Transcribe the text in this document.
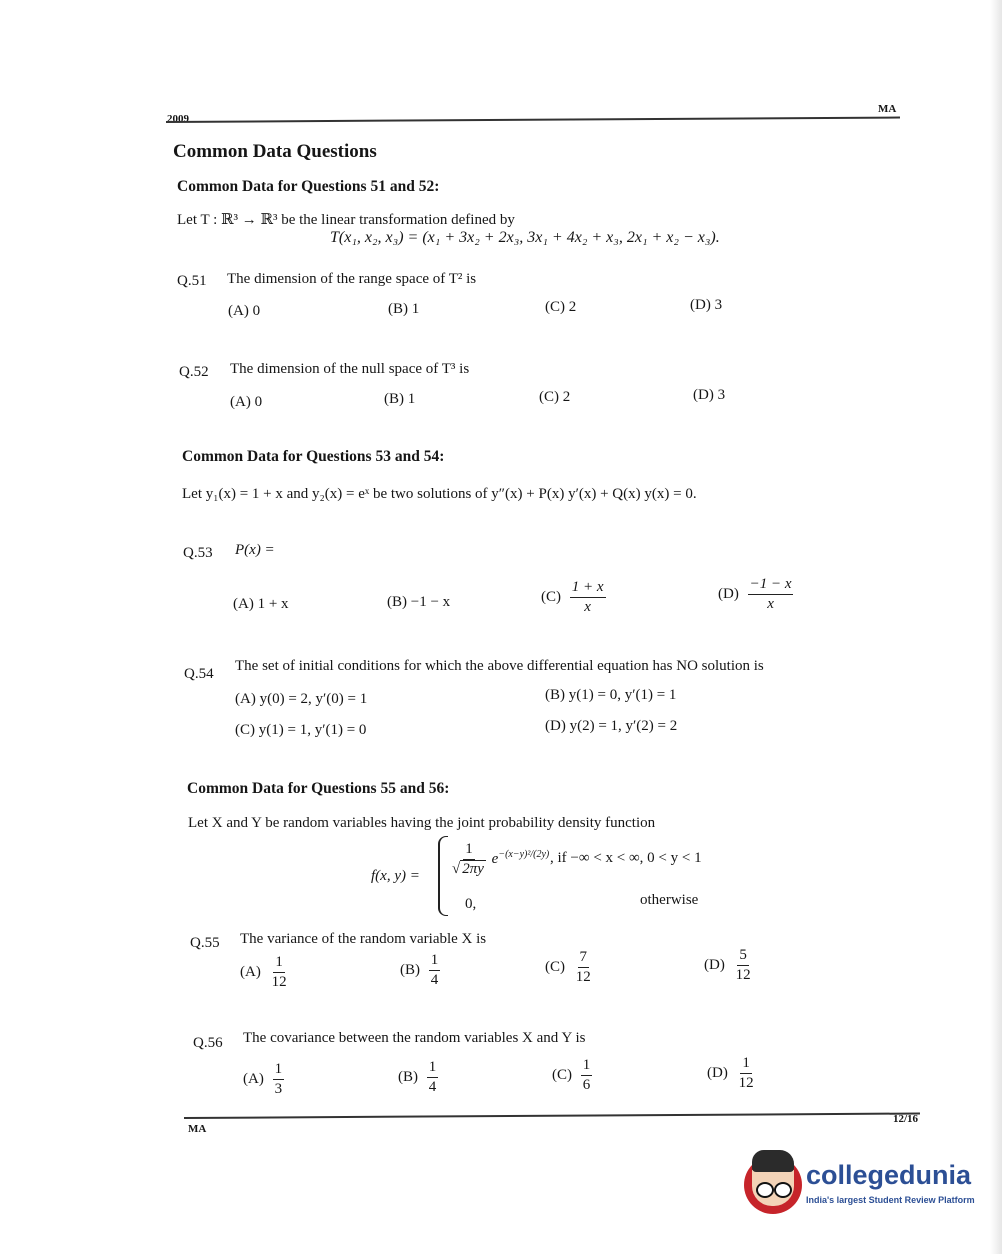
2009
MA
Common Data Questions
Common Data for Questions 51 and 52:
Let T : ℝ³ → ℝ³ be the linear transformation defined by
T(x₁, x₂, x₃) = (x₁ + 3x₂ + 2x₃, 3x₁ + 4x₂ + x₃, 2x₁ + x₂ − x₃).
Q.51 The dimension of the range space of T² is
(A) 0	(B) 1	(C) 2	(D) 3
Q.52 The dimension of the null space of T³ is
(A) 0	(B) 1	(C) 2	(D) 3
Common Data for Questions 53 and 54:
Let y₁(x) = 1 + x and y₂(x) = eˣ be two solutions of y″(x) + P(x) y′(x) + Q(x) y(x) = 0.
Q.53 P(x) =
(A) 1 + x	(B) −1 − x	$(C) \frac{1 + x}{x}$	$(D) \frac{-1 - x}{x}$
Q.54 The set of initial conditions for which the above differential equation has NO solution is
(A) y(0) = 2, y′(0) = 1	(B) y(1) = 0, y′(1) = 1
(C) y(1) = 1, y′(1) = 0	(D) y(2) = 1, y′(2) = 2
Common Data for Questions 55 and 56:
Let X and Y be random variables having the joint probability density function
f(x, $y) = \frac{1}{√ 2\pi y} e^{-(x-y)^2/(2y)}$ , if −∞ < x < ∞, 0 < y < 1
0,	otherwise
Q.55 The variance of the random variable X is
$(A) \frac{1}{12}$	$(B) \frac{1}{4}$	$(C) \frac{7}{12}$	$(D) \frac{5}{12}$
Q.56 The covariance between the random variables X and Y is
$(A) \frac{1}{3}$	$(B) \frac{1}{4}$	$(C) \frac{1}{6}$	$(D) \frac{1}{12}$
MA
12/16
collegedunia
India's largest Student Review Platform
